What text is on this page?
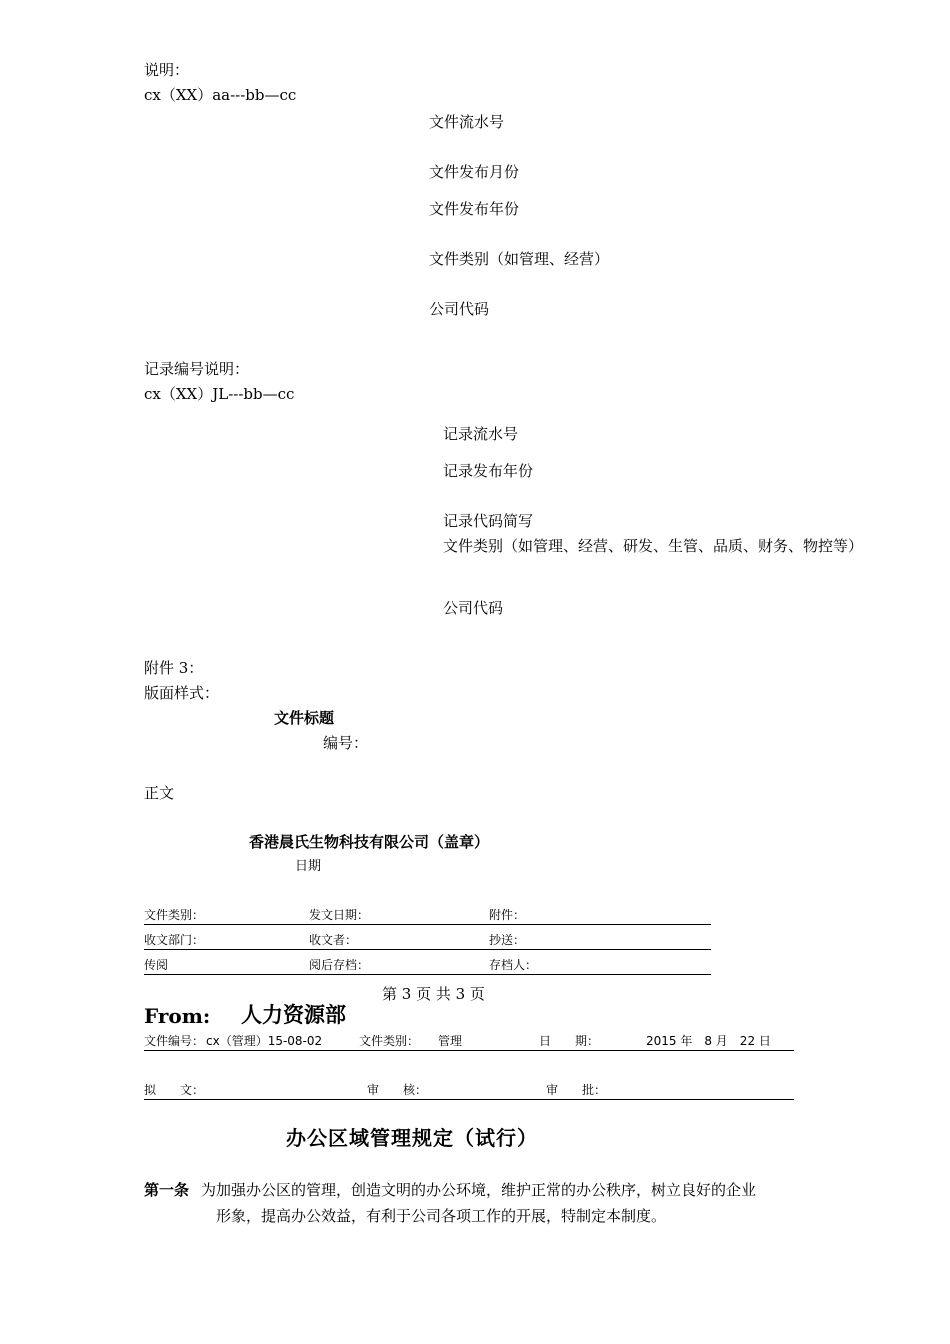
说明：
cx（XX）aa---bb—cc
文件流水号
文件发布月份
文件发布年份
文件类别（如管理、经营）
公司代码
记录编号说明：
cx（XX）JL---bb—cc
记录流水号
记录发布年份
记录代码简写
文件类别（如管理、经营、研发、生管、品质、财务、物控等）
公司代码
附件 3：
版面样式：
文件标题
编号：
正文
香港晨氏生物科技有限公司（盖章）
日期
文件类别：	发文日期：	附件：
收文部门：	收文者：	抄送：
传阅	阅后存档：	存档人：
第 3 页 共 3 页
From: 人力资源部
文件编号： cx（管理）15-08-02	文件类别： 管理	日　　期：	2015 年　8 月　22 日
拟　　文：	审　　核：	审　　批：
办公区域管理规定（试行）
第一条 为加强办公区的管理，创造文明的办公环境，维护正常的办公秩序，树立良好的企业
形象，提高办公效益，有利于公司各项工作的开展，特制定本制度。
